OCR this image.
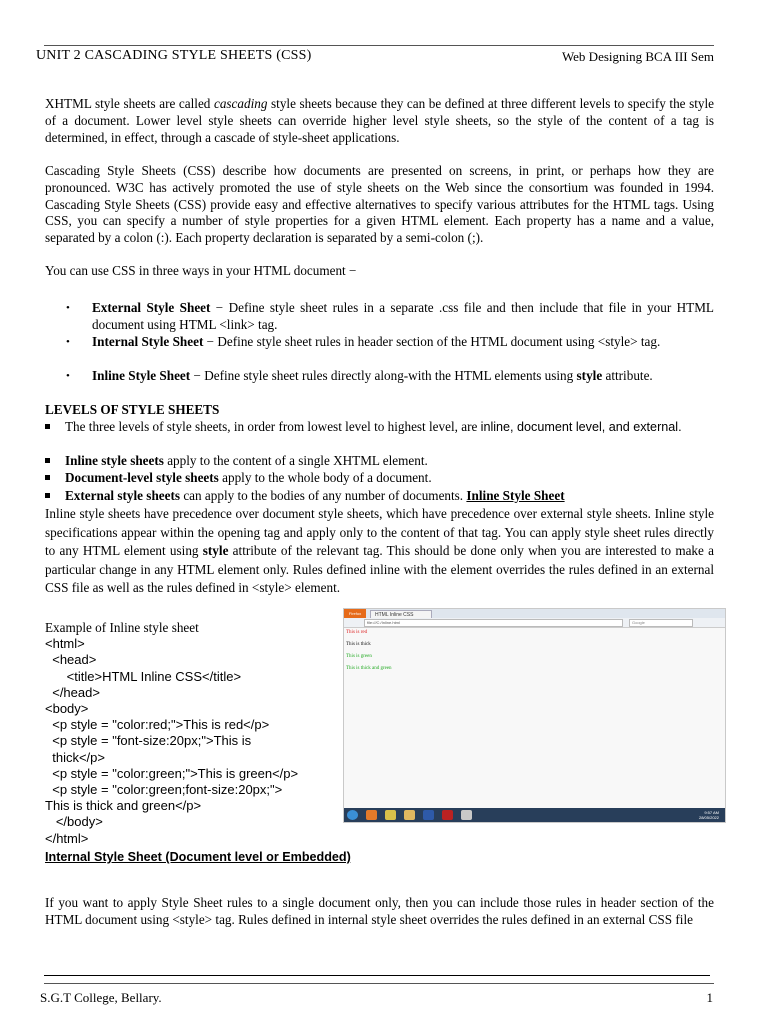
UNIT 2 CASCADING STYLE SHEETS (CSS)	Web Designing BCA III Sem
XHTML style sheets are called cascading style sheets because they can be defined at three different levels to specify the style of a document. Lower level style sheets can override higher level style sheets, so the style of the content of a tag is determined, in effect, through a cascade of style-sheet applications.
Cascading Style Sheets (CSS) describe how documents are presented on screens, in print, or perhaps how they are pronounced. W3C has actively promoted the use of style sheets on the Web since the consortium was founded in 1994. Cascading Style Sheets (CSS) provide easy and effective alternatives to specify various attributes for the HTML tags. Using CSS, you can specify a number of style properties for a given HTML element. Each property has a name and a value, separated by a colon (:). Each property declaration is separated by a semi-colon (;).
You can use CSS in three ways in your HTML document −
• External Style Sheet − Define style sheet rules in a separate .css file and then include that file in your HTML document using HTML <link> tag.
• Internal Style Sheet − Define style sheet rules in header section of the HTML document using <style> tag.
• Inline Style Sheet − Define style sheet rules directly along-with the HTML elements using style attribute.
LEVELS OF STYLE SHEETS
The three levels of style sheets, in order from lowest level to highest level, are inline, document level, and external.
Inline style sheets apply to the content of a single XHTML element.
Document-level style sheets apply to the whole body of a document.
External style sheets can apply to the bodies of any number of documents. Inline Style Sheet
Inline style sheets have precedence over document style sheets, which have precedence over external style sheets. Inline style specifications appear within the opening tag and apply only to the content of that tag. You can apply style sheet rules directly to any HTML element using style attribute of the relevant tag. This should be done only when you are interested to make a particular change in any HTML element only. Rules defined inline with the element overrides the rules defined in an external CSS file as well as the rules defined in <style> element.
Example of Inline style sheet
<html>
<head>
<title>HTML Inline CSS</title>
</head>
<body>
<p style = "color:red;">This is red</p>
<p style = "font-size:20px;">This is
thick</p>
<p style = "color:green;">This is green</p>
<p style = "color:green;font-size:20px;">
This is thick and green</p>
</body>
</html>
Firefox	HTML Inline CSS
file:///C:/Inline.html	Google
This is red
This is thick
This is green
This is thick and green
9:57 AM
28/05/2022
Internal Style Sheet (Document level or Embedded)
If you want to apply Style Sheet rules to a single document only, then you can include those rules in header section of the HTML document using <style> tag. Rules defined in internal style sheet overrides the rules defined in an external CSS file
S.G.T College, Bellary.	1
